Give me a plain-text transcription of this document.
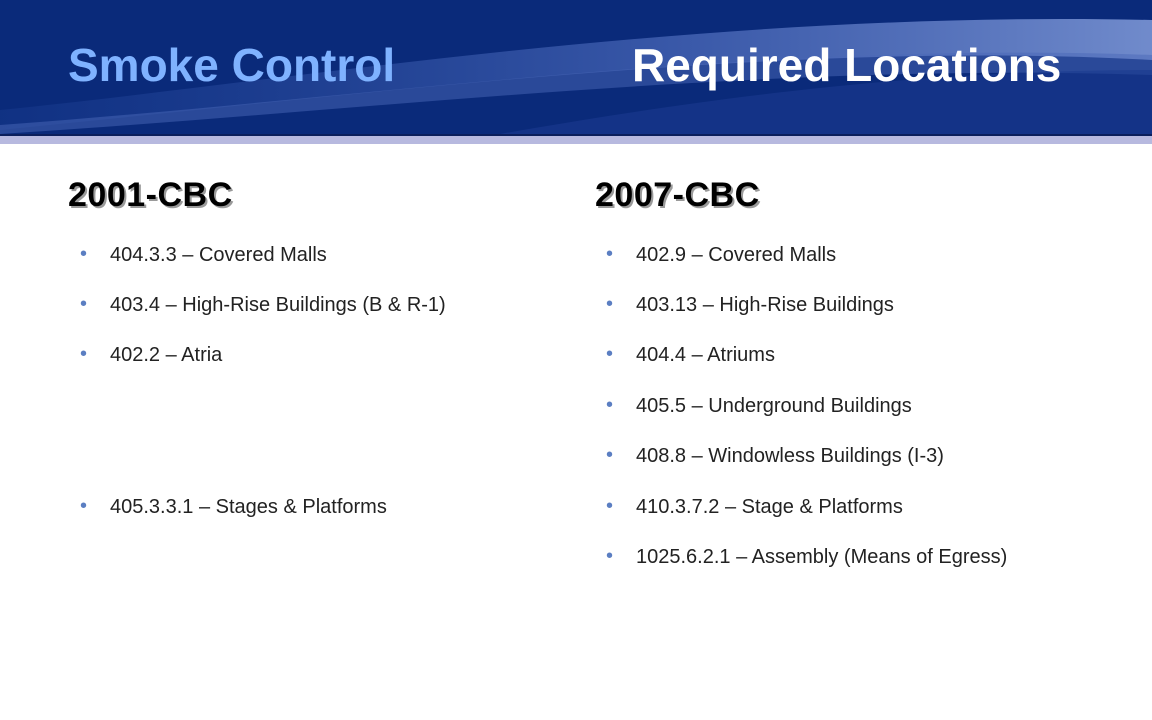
Smoke Control	Required Locations
2001-CBC
• 404.3.3 – Covered Malls
• 403.4 – High-Rise Buildings (B & R-1)
• 402.2 – Atria
• 405.3.3.1 – Stages & Platforms
2007-CBC
• 402.9 – Covered Malls
• 403.13 – High-Rise Buildings
• 404.4 – Atriums
• 405.5 – Underground Buildings
• 408.8 – Windowless Buildings (I-3)
• 410.3.7.2 – Stage & Platforms
• 1025.6.2.1 – Assembly (Means of Egress)
